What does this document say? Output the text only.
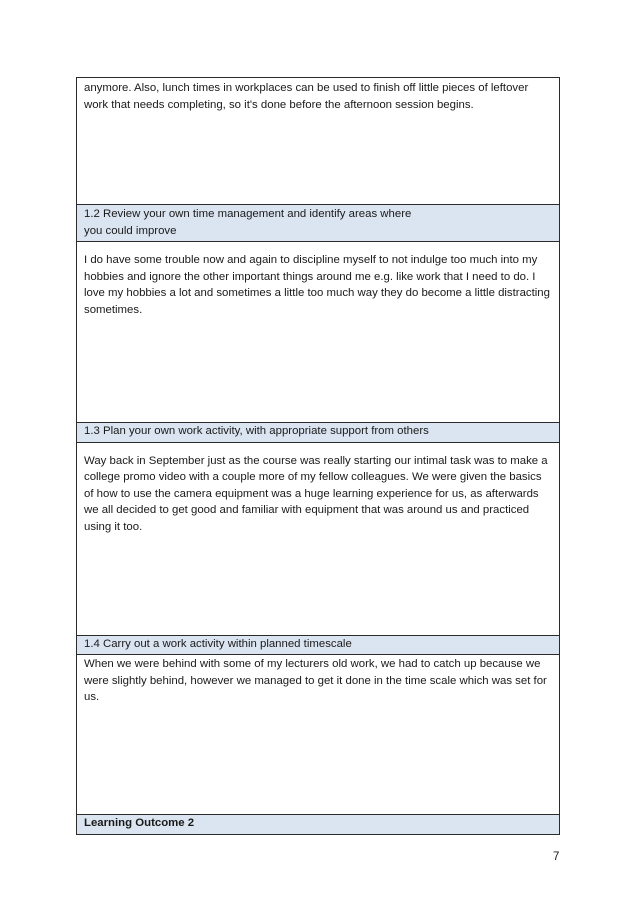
anymore. Also, lunch times in workplaces can be used to finish off little pieces of leftover work that needs completing, so it's done before the afternoon session begins.

1.2 Review your own time management and identify areas where
you could improve

I do have some trouble now and again to discipline myself to not indulge too much into my hobbies and ignore the other important things around me e.g. like work that I need to do. I love my hobbies a lot and sometimes a little too much way they do become a little distracting sometimes.

1.3 Plan your own work activity, with appropriate support from others

Way back in September just as the course was really starting our intimal task was to make a college promo video with a couple more of my fellow colleagues. We were given the basics of how to use the camera equipment was a huge learning experience for us, as afterwards we all decided to get good and familiar with equipment that was around us and practiced using it too.

1.4 Carry out a work activity within planned timescale

When we were behind with some of my lecturers old work, we had to catch up because we were slightly behind, however we managed to get it done in the time scale which was set for us.

Learning Outcome 2
7
